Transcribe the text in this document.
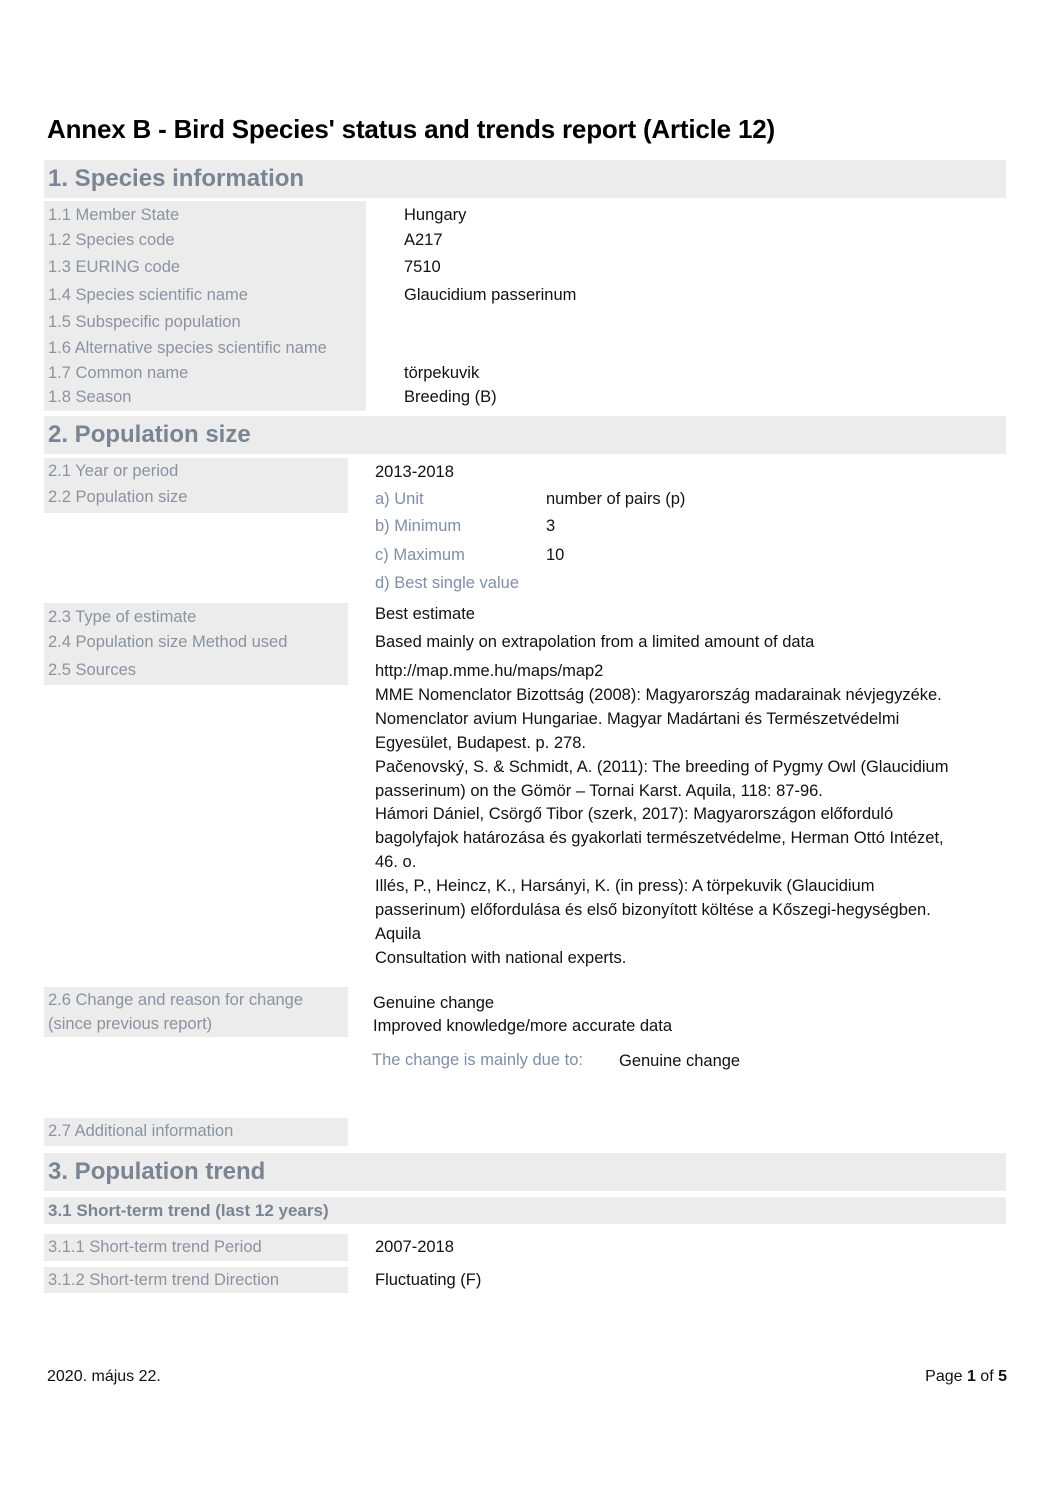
Annex B - Bird Species' status and trends report (Article 12)
1. Species information
1.1 Member State	Hungary
1.2 Species code	A217
1.3 EURING code	7510
1.4 Species scientific name	Glaucidium passerinum
1.5 Subspecific population
1.6 Alternative species scientific name
1.7 Common name	törpekuvik
1.8 Season	Breeding (B)
2. Population size
2.1 Year or period	2013-2018
2.2 Population size	a) Unit	number of pairs (p)
b) Minimum	3
c) Maximum	10
d) Best single value
2.3 Type of estimate	Best estimate
2.4 Population size Method used	Based mainly on extrapolation from a limited amount of data
2.5 Sources	http://map.mme.hu/maps/map2
MME Nomenclator Bizottság (2008): Magyarország madarainak névjegyzéke.
Nomenclator avium Hungariae. Magyar Madártani és Természetvédelmi
Egyesület, Budapest. p. 278.
Pačenovský, S. & Schmidt, A. (2011): The breeding of Pygmy Owl (Glaucidium
passerinum) on the Gömör – Tornai Karst. Aquila, 118: 87-96.
Hámori Dániel, Csörgő Tibor (szerk, 2017): Magyarországon előforduló
bagolyfajok határozása és gyakorlati természetvédelme, Herman Ottó Intézet,
46. o.
Illés, P., Heincz, K., Harsányi, K. (in press): A törpekuvik (Glaucidium
passerinum) előfordulása és első bizonyított költése a Kőszegi-hegységben.
Aquila
Consultation with national experts.
2.6 Change and reason for change
(since previous report)
Genuine change
Improved knowledge/more accurate data
The change is mainly due to: Genuine change
2.7 Additional information
3. Population trend
3.1 Short-term trend (last 12 years)
3.1.1 Short-term trend Period	2007-2018
3.1.2 Short-term trend Direction	Fluctuating (F)
2020. május 22.	Page 1 of 5
